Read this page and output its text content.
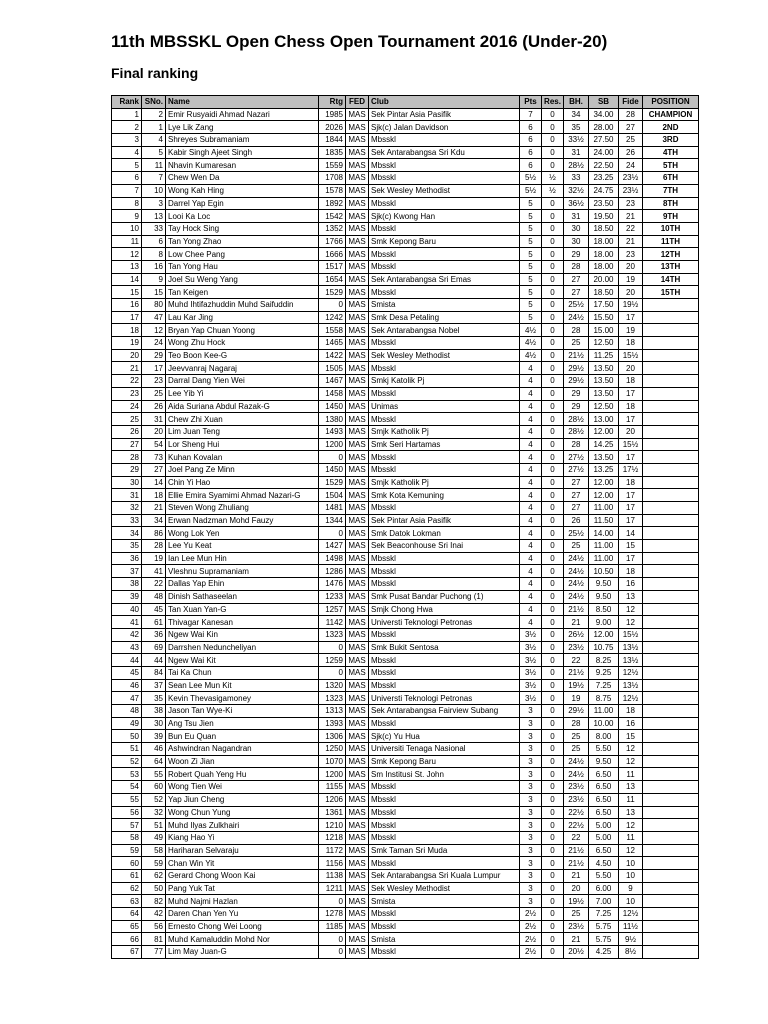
11th MBSSKL Open Chess Open Tournament 2016 (Under-20)
Final ranking
Rank	SNo.	Name	Rtg	FED	Club	Pts	Res.	BH.	SB	Fide	POSITION
1	2	Emir Rusyaidi Ahmad Nazari	1985	MAS	Sek Pintar Asia Pasifik	7	0	34	34.00	28	CHAMPION
2	1	Lye Lik Zang	2026	MAS	Sjk(c) Jalan Davidson	6	0	35	28.00	27	2ND
3	4	Shreyes Subramaniam	1844	MAS	Mbsskl	6	0	33½	27.50	25	3RD
4	5	Kabir Singh Ajeet Singh	1835	MAS	Sek Antarabangsa Sri Kdu	6	0	31	24.00	26	4TH
5	11	Nhavin Kumaresan	1559	MAS	Mbsskl	6	0	28½	22.50	24	5TH
6	7	Chew Wen Da	1708	MAS	Mbsskl	5½	½	33	23.25	23½	6TH
7	10	Wong Kah Hing	1578	MAS	Sek Wesley Methodist	5½	½	32½	24.75	23½	7TH
8	3	Darrel Yap Egin	1892	MAS	Mbsskl	5	0	36½	23.50	23	8TH
9	13	Looi Ka Loc	1542	MAS	Sjk(c) Kwong Han	5	0	31	19.50	21	9TH
10	33	Tay Hock Sing	1352	MAS	Mbsskl	5	0	30	18.50	22	10TH
11	6	Tan Yong Zhao	1766	MAS	Smk Kepong Baru	5	0	30	18.00	21	11TH
12	8	Low Chee Pang	1666	MAS	Mbsskl	5	0	29	18.00	23	12TH
13	16	Tan Yong Hau	1517	MAS	Mbsskl	5	0	28	18.00	20	13TH
14	9	Joel Su Weng Yang	1654	MAS	Sek Antarabangsa Sri Emas	5	0	27	20.00	19	14TH
15	15	Tan Keigen	1529	MAS	Mbsskl	5	0	27	18.50	20	15TH
16	80	Muhd Ihtifazhuddin Muhd Saifuddin	0	MAS	Smista	5	0	25½	17.50	19½	
17	47	Lau Kar Jing	1242	MAS	Smk Desa Petaling	5	0	24½	15.50	17	
18	12	Bryan Yap Chuan Yoong	1558	MAS	Sek Antarabangsa Nobel	4½	0	28	15.00	19	
19	24	Wong Zhu Hock	1465	MAS	Mbsskl	4½	0	25	12.50	18	
20	29	Teo Boon Kee-G	1422	MAS	Sek Wesley Methodist	4½	0	21½	11.25	15½	
21	17	Jeevvanraj Nagaraj	1505	MAS	Mbsskl	4	0	29½	13.50	20	
22	23	Darral Dang Yien Wei	1467	MAS	Smkj Katolik Pj	4	0	29½	13.50	18	
23	25	Lee Yib Yi	1458	MAS	Mbsskl	4	0	29	13.50	17	
24	26	Aida Suriana Abdul Razak-G	1450	MAS	Unimas	4	0	29	12.50	18	
25	31	Chew Zhi Xuan	1380	MAS	Mbsskl	4	0	28½	13.00	17	
26	20	Lim Juan Teng	1493	MAS	Smjk Katholik Pj	4	0	28½	12.00	20	
27	54	Lor Sheng Hui	1200	MAS	Smk Seri Hartamas	4	0	28	14.25	15½	
28	73	Kuhan Kovalan	0	MAS	Mbsskl	4	0	27½	13.50	17	
29	27	Joel Pang Ze Minn	1450	MAS	Mbsskl	4	0	27½	13.25	17½	
30	14	Chin Yi Hao	1529	MAS	Smjk Katholik Pj	4	0	27	12.00	18	
31	18	Ellie Emira Syamimi Ahmad Nazari-G	1504	MAS	Smk Kota Kemuning	4	0	27	12.00	17	
32	21	Steven Wong Zhuliang	1481	MAS	Mbsskl	4	0	27	11.00	17	
33	34	Erwan Nadzman Mohd Fauzy	1344	MAS	Sek Pintar Asia Pasifik	4	0	26	11.50	17	
34	86	Wong Lok Yen	0	MAS	Smk Datok Lokman	4	0	25½	14.00	14	
35	28	Lee Yu Keat	1427	MAS	Sek Beaconhouse Sri Inai	4	0	25	11.00	15	
36	19	Ian Lee Mun Hin	1498	MAS	Mbsskl	4	0	24½	11.00	17	
37	41	Vleshnu Supramaniam	1286	MAS	Mbsskl	4	0	24½	10.50	18	
38	22	Dallas Yap Ehin	1476	MAS	Mbsskl	4	0	24½	9.50	16	
39	48	Dinish Sathaseelan	1233	MAS	Smk Pusat Bandar Puchong (1)	4	0	24½	9.50	13	
40	45	Tan Xuan Yan-G	1257	MAS	Smjk Chong Hwa	4	0	21½	8.50	12	
41	61	Thivagar Kanesan	1142	MAS	Universti Teknologi Petronas	4	0	21	9.00	12	
42	36	Ngew Wai Kin	1323	MAS	Mbsskl	3½	0	26½	12.00	15½	
43	69	Darrshen Neduncheliyan	0	MAS	Smk Bukit Sentosa	3½	0	23½	10.75	13½	
44	44	Ngew Wai Kit	1259	MAS	Mbsskl	3½	0	22	8.25	13½	
45	84	Tai Ka Chun	0	MAS	Mbsskl	3½	0	21½	9.25	12½	
46	37	Sean Lee Mun Kit	1320	MAS	Mbsskl	3½	0	19½	7.25	13½	
47	35	Kevin Thevasigamoney	1323	MAS	Universti Teknologi Petronas	3½	0	19	8.75	12½	
48	38	Jason Tan Wye-Ki	1313	MAS	Sek Antarabangsa Fairview Subang	3	0	29½	11.00	18	
49	30	Ang Tsu Jien	1393	MAS	Mbsskl	3	0	28	10.00	16	
50	39	Bun Eu Quan	1306	MAS	Sjk(c) Yu Hua	3	0	25	8.00	15	
51	46	Ashwindran Nagandran	1250	MAS	Universiti Tenaga Nasional	3	0	25	5.50	12	
52	64	Woon Zi Jian	1070	MAS	Smk Kepong Baru	3	0	24½	9.50	12	
53	55	Robert Quah Yeng Hu	1200	MAS	Sm Institusi St. John	3	0	24½	6.50	11	
54	60	Wong Tien Wei	1155	MAS	Mbsskl	3	0	23½	6.50	13	
55	52	Yap Jiun Cheng	1206	MAS	Mbsskl	3	0	23½	6.50	11	
56	32	Wong Chun Yung	1361	MAS	Mbsskl	3	0	22½	6.50	13	
57	51	Muhd Ilyas Zulkhairi	1210	MAS	Mbsskl	3	0	22½	5.00	12	
58	49	Kiang Hao Yi	1218	MAS	Mbsskl	3	0	22	5.00	11	
59	58	Hariharan Selvaraju	1172	MAS	Smk Taman Sri Muda	3	0	21½	6.50	12	
60	59	Chan Win Yit	1156	MAS	Mbsskl	3	0	21½	4.50	10	
61	62	Gerard Chong Woon Kai	1138	MAS	Sek Antarabangsa Sri Kuala Lumpur	3	0	21	5.50	10	
62	50	Pang Yuk Tat	1211	MAS	Sek Wesley Methodist	3	0	20	6.00	9	
63	82	Muhd Najmi Hazlan	0	MAS	Smista	3	0	19½	7.00	10	
64	42	Daren Chan Yen Yu	1278	MAS	Mbsskl	2½	0	25	7.25	12½	
65	56	Ernesto Chong Wei Loong	1185	MAS	Mbsskl	2½	0	23½	5.75	11½	
66	81	Muhd Kamaluddin Mohd Nor	0	MAS	Smista	2½	0	21	5.75	9½	
67	77	Lim May Juan-G	0	MAS	Mbsskl	2½	0	20½	4.25	8½	
